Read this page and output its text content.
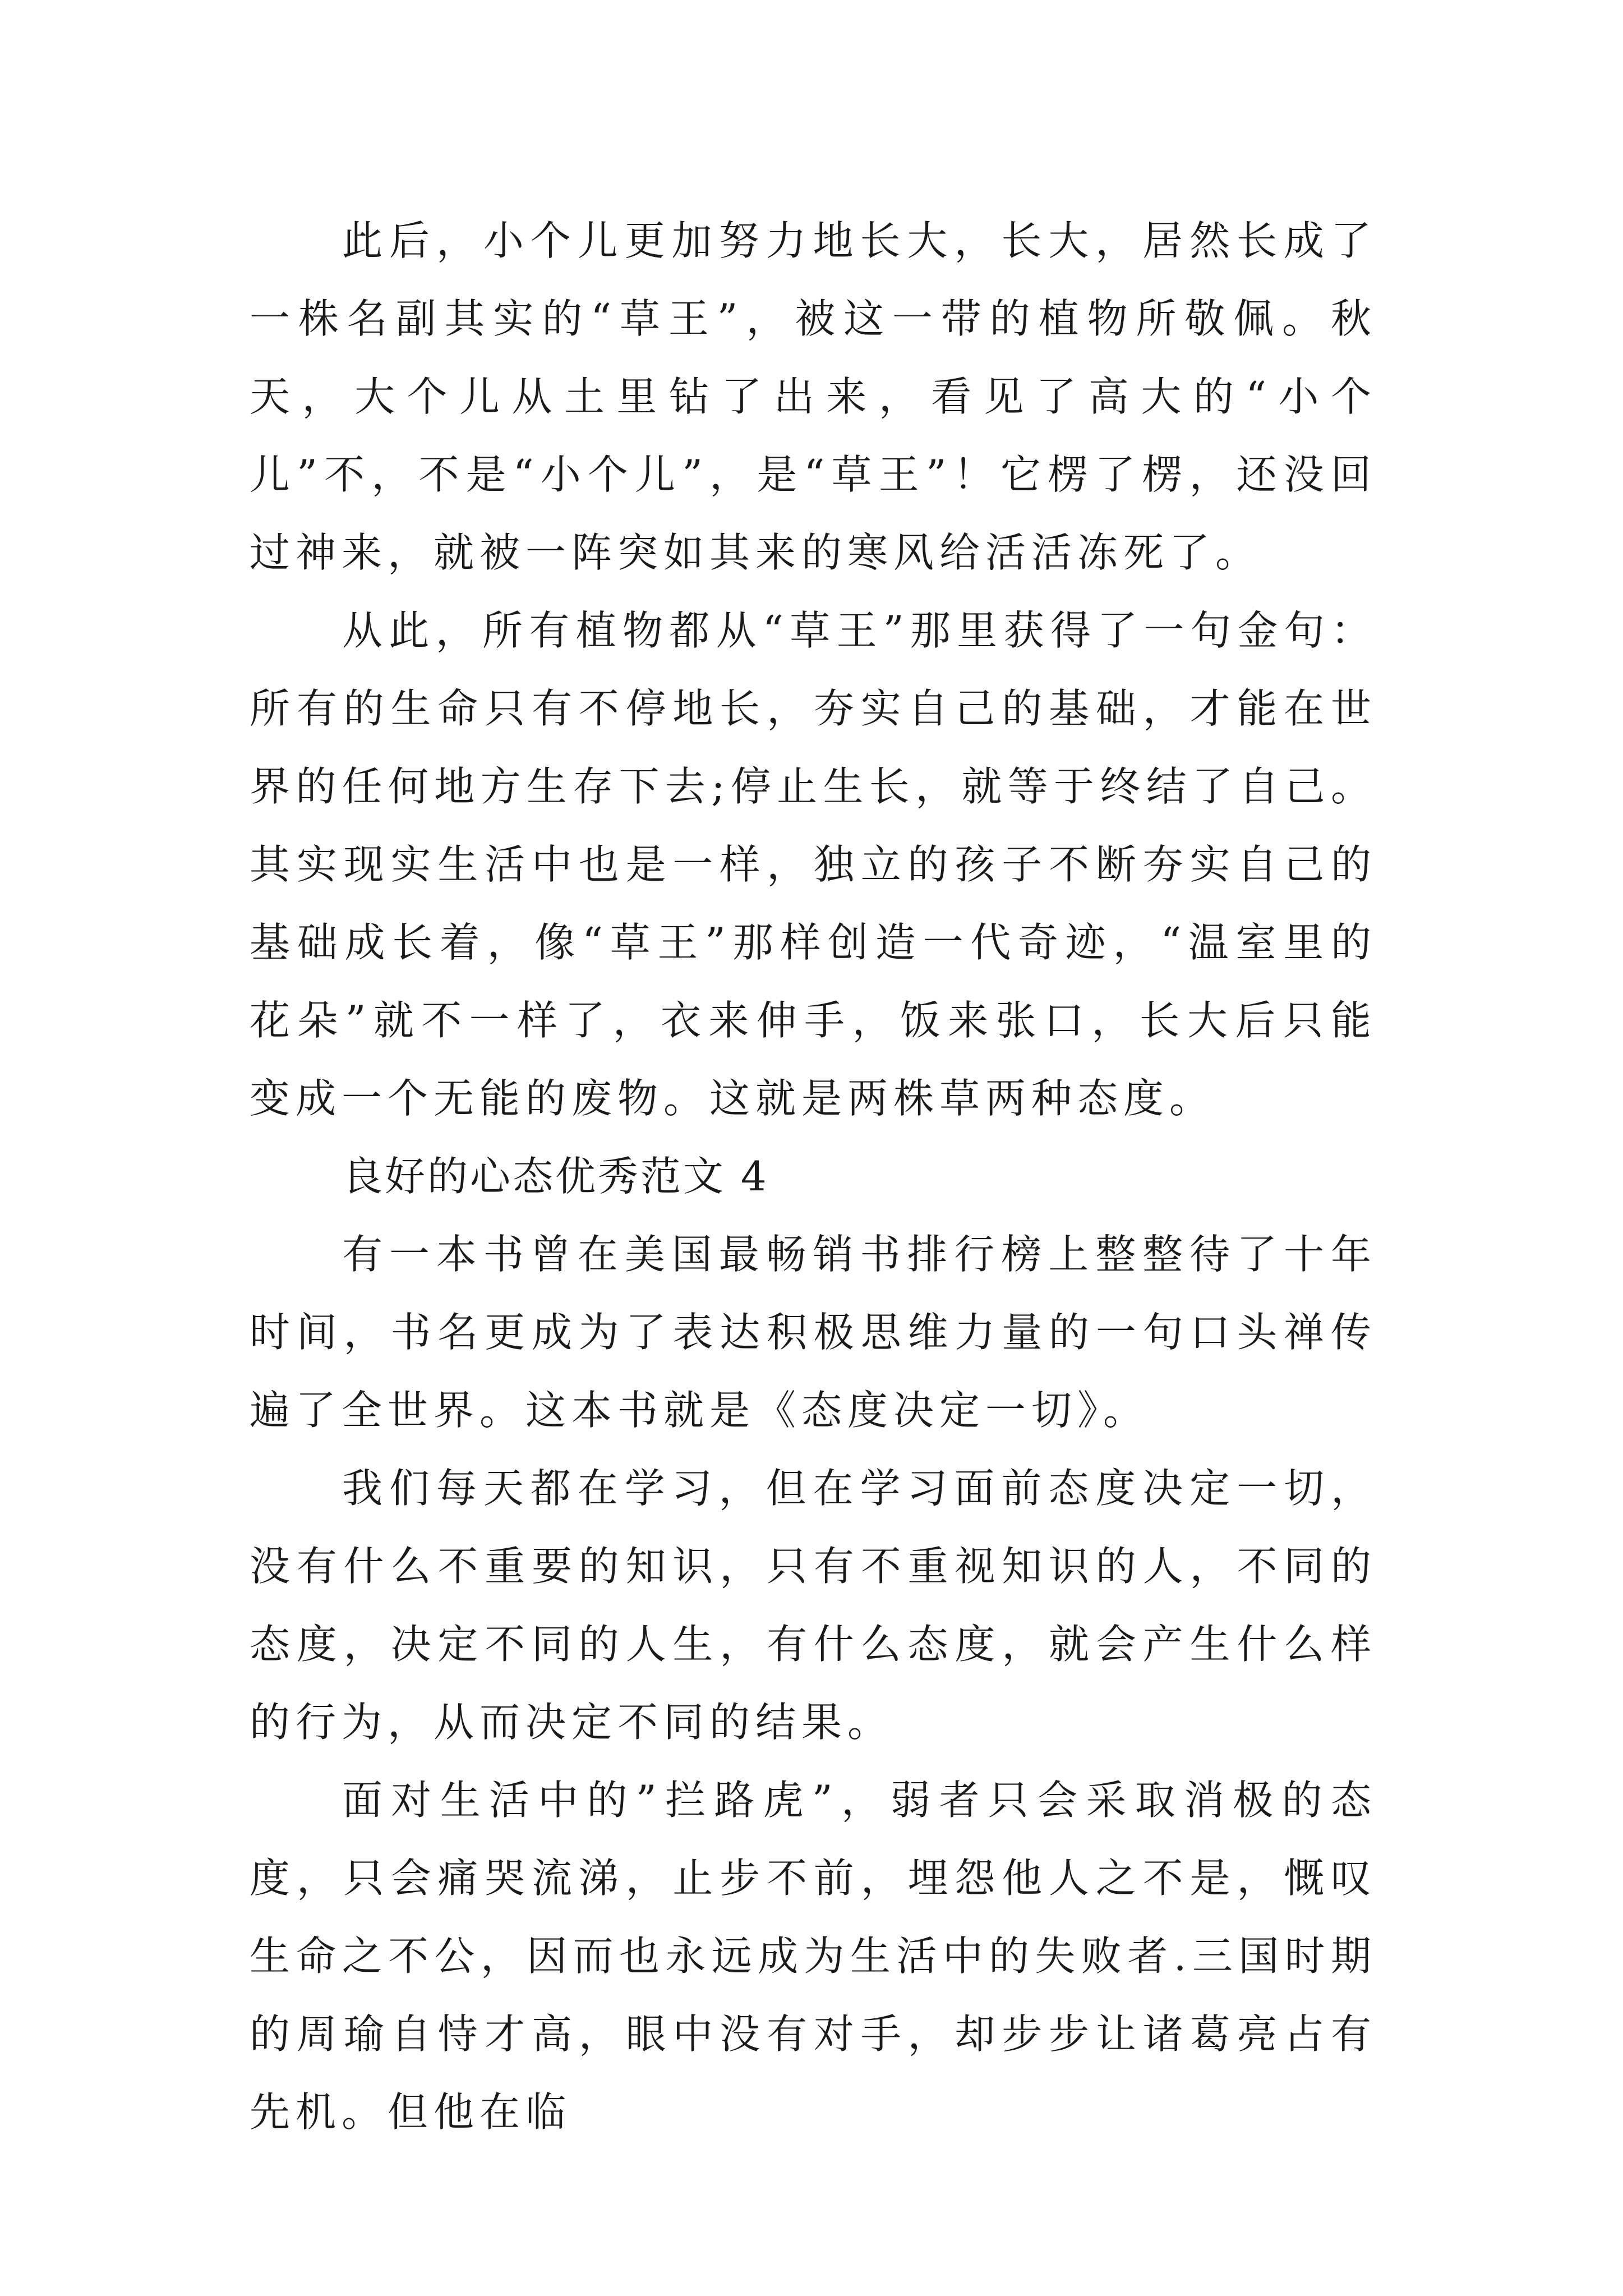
此后，小个儿更加努力地长大，长大，居然长成了一株名副其实的“草王”，被这一带的植物所敬佩。秋天，大个儿从土里钻了出来，看见了高大的“小个儿”不，不是“小个儿”，是“草王”！它楞了楞，还没回过神来，就被一阵突如其来的寒风给活活冻死了。

从此，所有植物都从“草王”那里获得了一句金句：所有的生命只有不停地长，夯实自己的基础，才能在世界的任何地方生存下去;停止生长，就等于终结了自己。其实现实生活中也是一样，独立的孩子不断夯实自己的基础成长着，像“草王”那样创造一代奇迹，“温室里的花朵”就不一样了，衣来伸手，饭来张口，长大后只能变成一个无能的废物。这就是两株草两种态度。

良好的心态优秀范文 4

有一本书曾在美国最畅销书排行榜上整整待了十年时间，书名更成为了表达积极思维力量的一句口头禅传遍了全世界。这本书就是《态度决定一切》。

我们每天都在学习，但在学习面前态度决定一切，没有什么不重要的知识，只有不重视知识的人，不同的态度，决定不同的人生，有什么态度，就会产生什么样的行为，从而决定不同的结果。

面对生活中的”拦路虎”，弱者只会采取消极的态度，只会痛哭流涕，止步不前，埋怨他人之不是，慨叹生命之不公，因而也永远成为生活中的失败者.三国时期的周瑜自恃才高，眼中没有对手，却步步让诸葛亮占有先机。但他在临
